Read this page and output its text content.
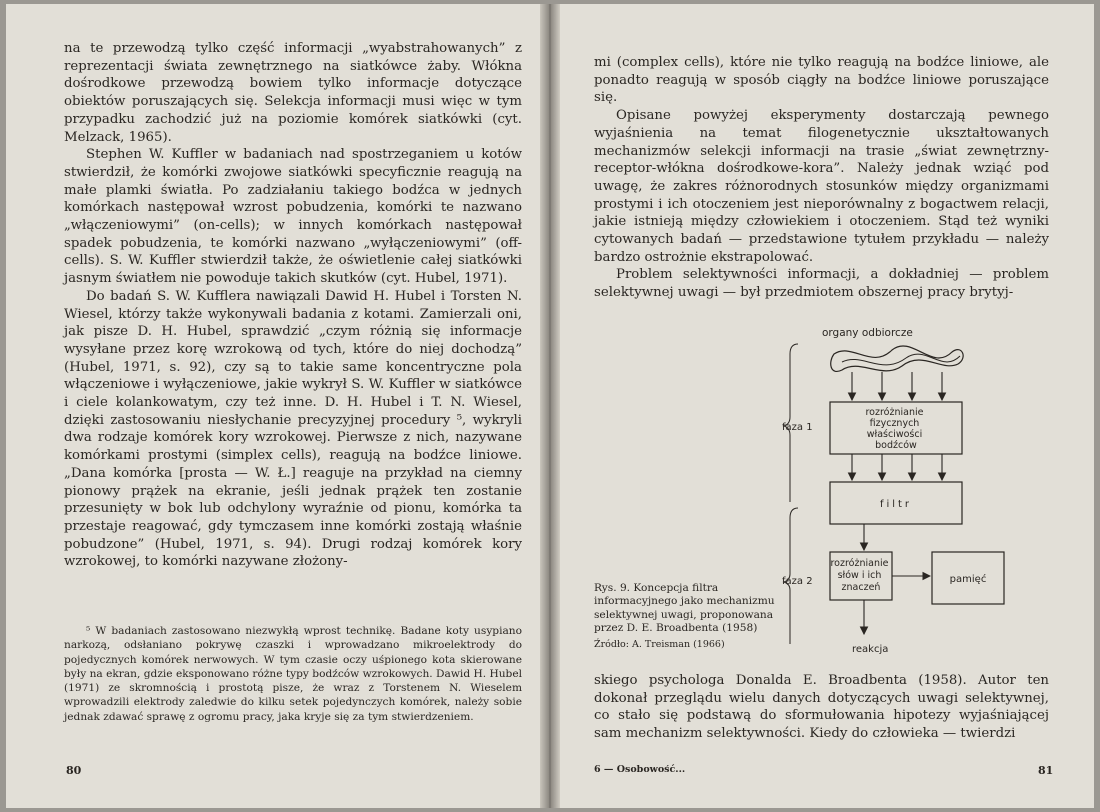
na te przewodzą tylko część informacji „wyabstrahowanych” z reprezentacji świata zewnętrznego na siatkówce żaby. Włókna dośrodkowe przewodzą bowiem tylko informacje dotyczące obiektów poruszających się. Selekcja informacji musi więc w tym przypadku zachodzić już na poziomie komórek siatkówki (cyt. Melzack, 1965).

Stephen W. Kuffler w badaniach nad spostrzeganiem u kotów stwierdził, że komórki zwojowe siatkówki specyficznie reagują na małe plamki światła. Po zadziałaniu takiego bodźca w jednych komórkach następował wzrost pobudzenia, komórki te nazwano „włączeniowymi” (on-cells); w innych komórkach następował spadek pobudzenia, te komórki nazwano „wyłączeniowymi” (off-cells). S. W. Kuffler stwierdził także, że oświetlenie całej siatkówki jasnym światłem nie powoduje takich skutków (cyt. Hubel, 1971).

Do badań S. W. Kufflera nawiązali Dawid H. Hubel i Torsten N. Wiesel, którzy także wykonywali badania z kotami. Zamierzali oni, jak pisze D. H. Hubel, sprawdzić „czym różnią się informacje wysyłane przez korę wzrokową od tych, które do niej dochodzą” (Hubel, 1971, s. 92), czy są to takie same koncentryczne pola włączeniowe i wyłączeniowe, jakie wykrył S. W. Kuffler w siatkówce i ciele kolankowatym, czy też inne. D. H. Hubel i T. N. Wiesel, dzięki zastosowaniu niesłychanie precyzyjnej procedury ⁵, wykryli dwa rodzaje komórek kory wzrokowej. Pierwsze z nich, nazywane komórkami prostymi (simplex cells), reagują na bodźce liniowe. „Dana komórka [prosta — W. Ł.] reaguje na przykład na ciemny pionowy prążek na ekranie, jeśli jednak prążek ten zostanie przesunięty w bok lub odchylony wyraźnie od pionu, komórka ta przestaje reagować, gdy tymczasem inne komórki zostają właśnie pobudzone” (Hubel, 1971, s. 94). Drugi rodzaj komórek kory wzrokowej, to komórki nazywane złożony-

⁵ W badaniach zastosowano niezwykłą wprost technikę. Badane koty usypiano narkozą, odsłaniano pokrywę czaszki i wprowadzano mikroelektrody do pojedycznych komórek nerwowych. W tym czasie oczy uśpionego kota skierowane były na ekran, gdzie eksponowano różne typy bodźców wzrokowych. Dawid H. Hubel (1971) ze skromnością i prostotą pisze, że wraz z Torstenem N. Wieselem wprowadzili elektrody zaledwie do kilku setek pojedynczych komórek, należy sobie jednak zdawać sprawę z ogromu pracy, jaka kryje się za tym stwierdzeniem.
80

mi (complex cells), które nie tylko reagują na bodźce liniowe, ale ponadto reagują w sposób ciągły na bodźce liniowe poruszające się.

Opisane powyżej eksperymenty dostarczają pewnego wyjaśnienia na temat filogenetycznie ukształtowanych mechanizmów selekcji informacji na trasie „świat zewnętrzny-receptor-włókna dośrodkowe-kora”. Należy jednak wziąć pod uwagę, że zakres różnorodnych stosunków między organizmami prostymi i ich otoczeniem jest nieporównalny z bogactwem relacji, jakie istnieją między człowiekiem i otoczeniem. Stąd też wyniki cytowanych badań — przedstawione tytułem przykładu — należy bardzo ostrożnie ekstrapolować.

Problem selektywności informacji, a dokładniej — problem selektywnej uwagi — był przedmiotem obszernej pracy brytyj-

Rys. 9. Koncepcja filtra informacyjnego jako mechanizmu selektywnej uwagi, proponowana przez D. E. Broadbenta (1958)
Źródło: A. Treisman (1966)
organy odbiorcze
faza 1
rozróżnianie fizycznych właściwości bodźców
filtr
faza 2
rozróżnianie słów i ich znaczeń
pamięć
reakcja

skiego psychologa Donalda E. Broadbenta (1958). Autor ten dokonał przeglądu wielu danych dotyczących uwagi selektywnej, co stało się podstawą do sformułowania hipotezy wyjaśniającej sam mechanizm selektywności. Kiedy do człowieka — twierdzi

6 — Osobowość...	81
